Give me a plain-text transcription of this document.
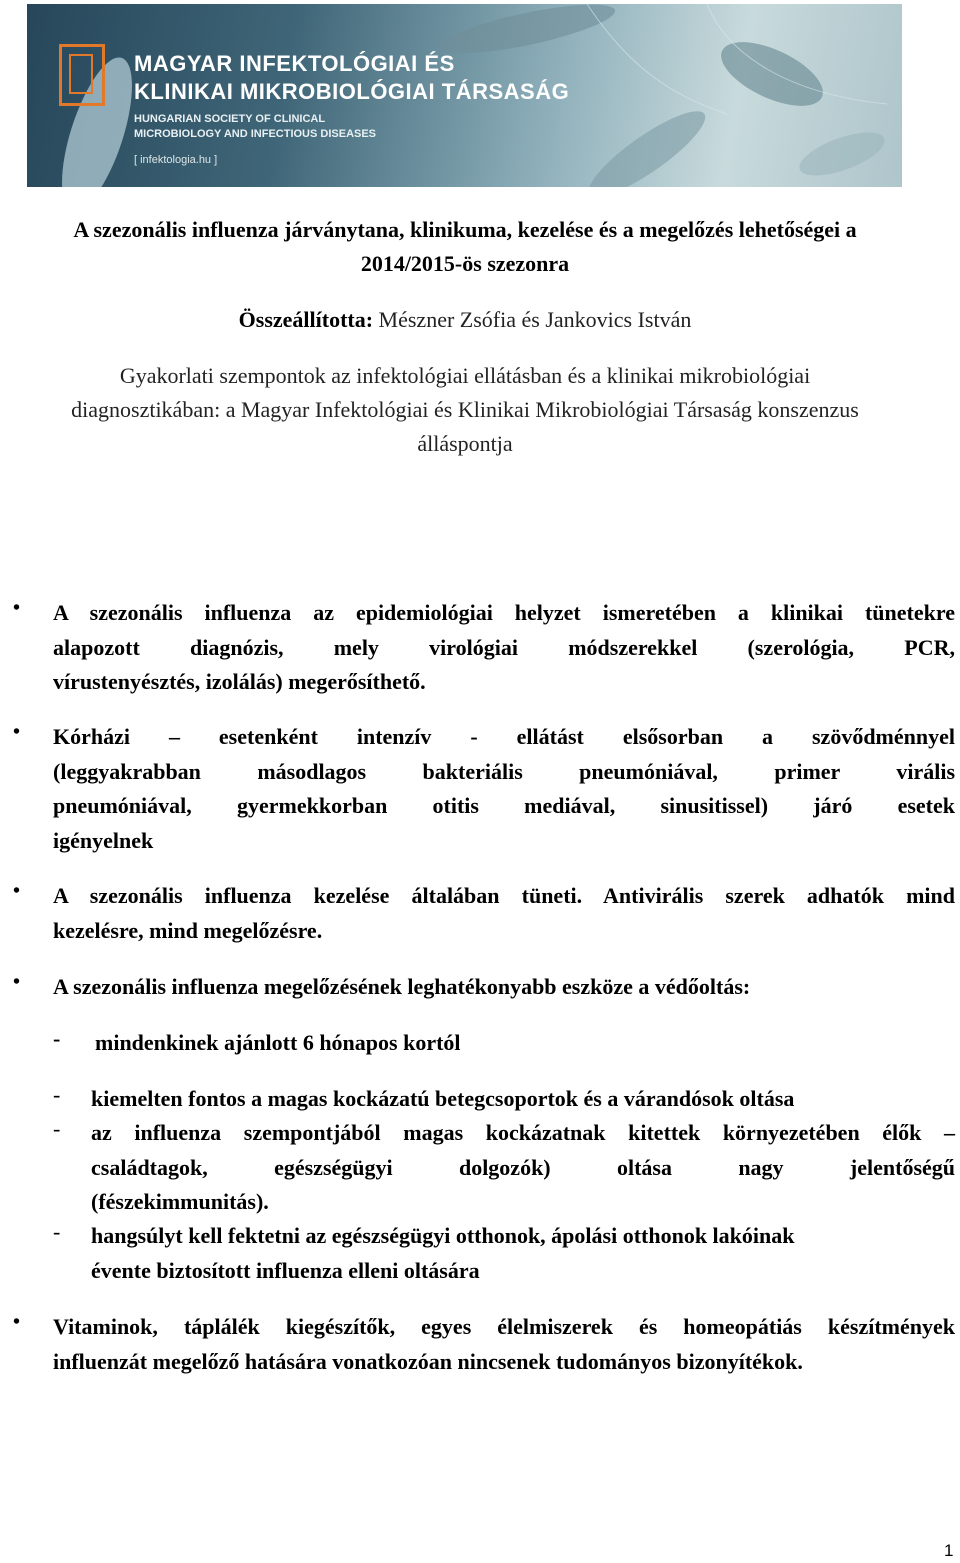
MAGYAR INFEKTOLÓGIAI ÉS
KLINIKAI MIKROBIOLÓGIAI TÁRSASÁG
HUNGARIAN SOCIETY OF CLINICAL
MICROBIOLOGY AND INFECTIOUS DISEASES
[ infektologia.hu ]
A szezonális influenza járványtana, klinikuma, kezelése és a megelőzés lehetőségei a
2014/2015-ös szezonra
Összeállította: Mészner Zsófia és Jankovics István
Gyakorlati szempontok az infektológiai ellátásban és a klinikai mikrobiológiai
diagnosztikában: a Magyar Infektológiai és Klinikai Mikrobiológiai Társaság konszenzus
álláspontja
• A szezonális influenza az epidemiológiai helyzet ismeretében a klinikai tünetekre
alapozott diagnózis, mely virológiai módszerekkel (szerológia, PCR,
vírustenyésztés, izolálás) megerősíthető.
• Kórházi – esetenként intenzív - ellátást elsősorban a szövődménnyel
(leggyakrabban másodlagos bakteriális pneumóniával, primer virális
pneumóniával, gyermekkorban otitis mediával, sinusitissel) járó esetek
igényelnek
• A szezonális influenza kezelése általában tüneti. Antivirális szerek adhatók mind
kezelésre, mind megelőzésre.
• A szezonális influenza megelőzésének leghatékonyabb eszköze a védőoltás:
- mindenkinek ajánlott 6 hónapos kortól
- kiemelten fontos a magas kockázatú betegcsoportok és a várandósok oltása
- az influenza szempontjából magas kockázatnak kitettek környezetében élők –
családtagok, egészségügyi dolgozók) oltása nagy jelentőségű
(fészekimmunitás).
- hangsúlyt kell fektetni az egészségügyi otthonok, ápolási otthonok lakóinak
évente biztosított influenza elleni oltására
• Vitaminok, táplálék kiegészítők, egyes élelmiszerek és homeopátiás készítmények
influenzát megelőző hatására vonatkozóan nincsenek tudományos bizonyítékok.
1
